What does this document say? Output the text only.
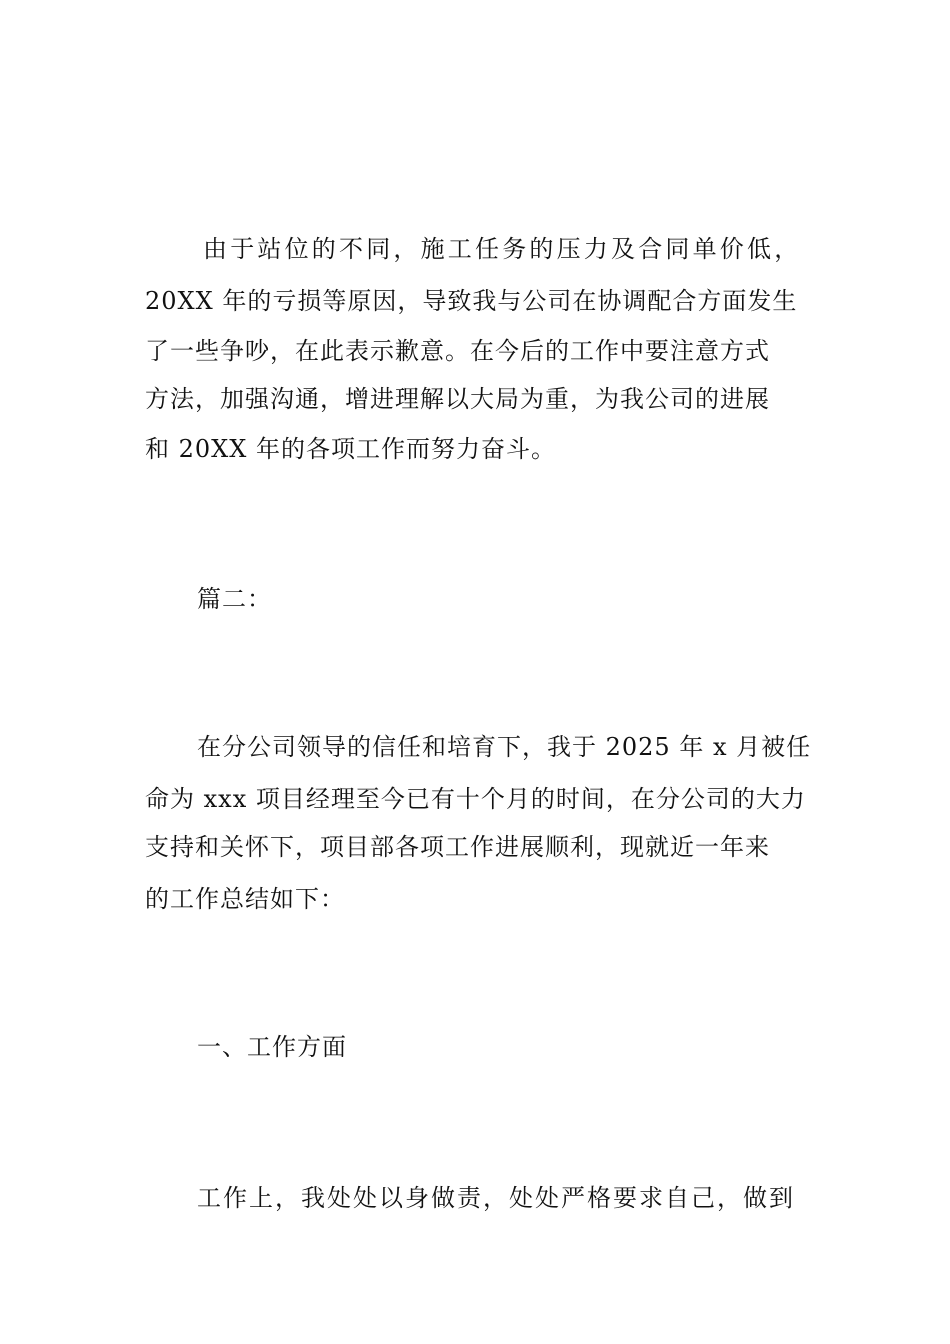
由于站位的不同，施工任务的压力及合同单价低，
20XX 年的亏损等原因，导致我与公司在协调配合方面发生
了一些争吵，在此表示歉意。在今后的工作中要注意方式
方法，加强沟通，增进理解以大局为重，为我公司的进展
和 20XX 年的各项工作而努力奋斗。
篇二：
在分公司领导的信任和培育下，我于 2025 年 x 月被任
命为 xxx 项目经理至今已有十个月的时间，在分公司的大力
支持和关怀下，项目部各项工作进展顺利，现就近一年来
的工作总结如下：
一、工作方面
工作上，我处处以身做责，处处严格要求自己，做到
